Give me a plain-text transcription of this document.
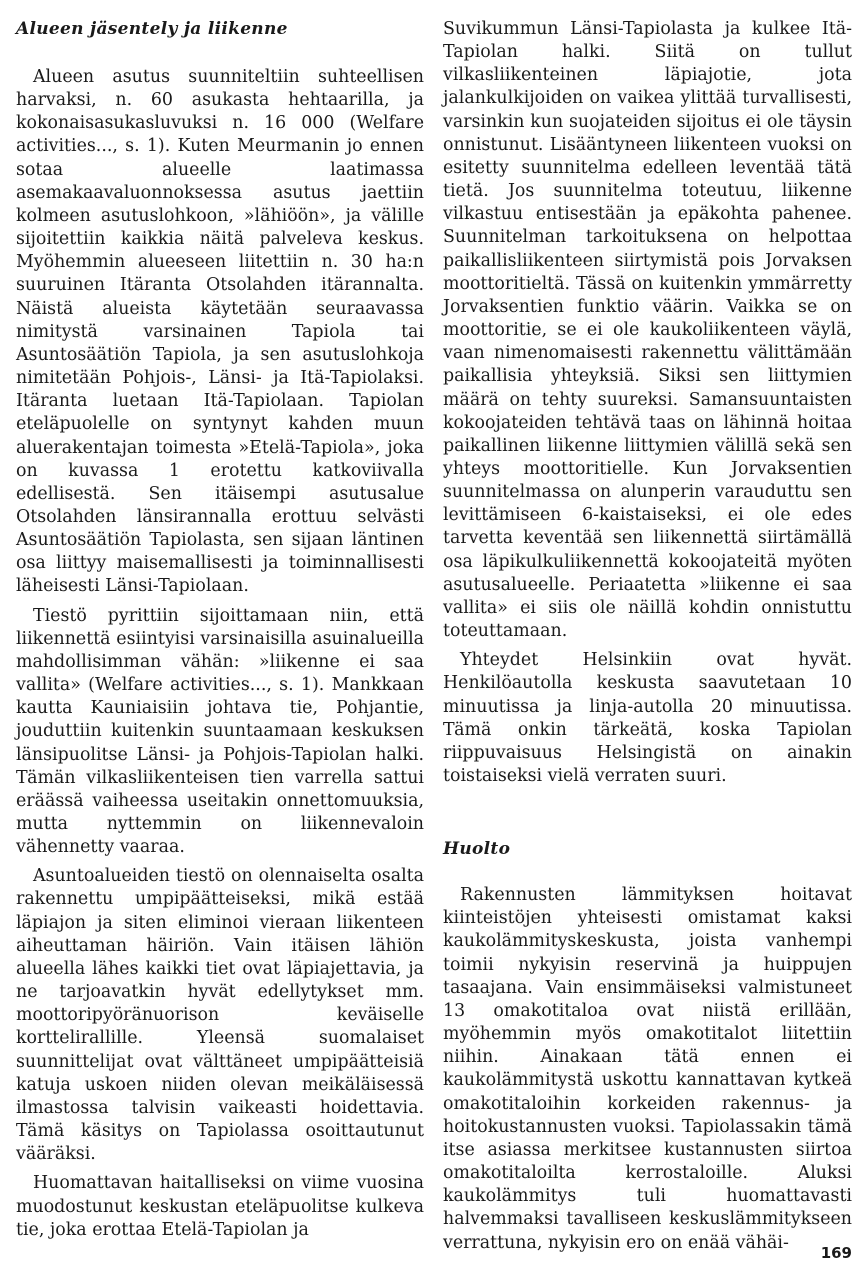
Alueen jäsentely ja liikenne

Alueen asutus suunniteltiin suhteellisen harvaksi, n. 60 asukasta hehtaarilla, ja kokonaisasukasluvuksi n. 16 000 (Welfare activities..., s. 1). Kuten Meurmanin jo ennen sotaa alueelle laatimassa asemakaavaluonnoksessa asutus jaettiin kolmeen asutuslohkoon, »lähiöön», ja välille sijoitettiin kaikkia näitä palveleva keskus. Myöhemmin alueeseen liitettiin n. 30 ha:n suuruinen Itäranta Otsolahden itärannalta. Näistä alueista käytetään seuraavassa nimitystä varsinainen Tapiola tai Asuntosäätiön Tapiola, ja sen asutuslohkoja nimitetään Pohjois-, Länsi- ja Itä-Tapiolaksi. Itäranta luetaan Itä-Tapiolaan. Tapiolan eteläpuolelle on syntynyt kahden muun aluerakentajan toimesta »Etelä-Tapiola», joka on kuvassa 1 erotettu katkoviivalla edellisestä. Sen itäisempi asutusalue Otsolahden länsirannalla erottuu selvästi Asuntosäätiön Tapiolasta, sen sijaan läntinen osa liittyy maisemallisesti ja toiminnallisesti läheisesti Länsi-Tapiolaan.

Tiestö pyrittiin sijoittamaan niin, että liikennettä esiintyisi varsinaisilla asuinalueilla mahdollisimman vähän: »liikenne ei saa vallita» (Welfare activities..., s. 1). Mankkaan kautta Kauniaisiin johtava tie, Pohjantie, jouduttiin kuitenkin suuntaamaan keskuksen länsipuolitse Länsi- ja Pohjois-Tapiolan halki. Tämän vilkasliikenteisen tien varrella sattui eräässä vaiheessa useitakin onnettomuuksia, mutta nyttemmin on liikennevaloin vähennetty vaaraa.

Asuntoalueiden tiestö on olennaiselta osalta rakennettu umpipäätteiseksi, mikä estää läpiajon ja siten eliminoi vieraan liikenteen aiheuttaman häiriön. Vain itäisen lähiön alueella lähes kaikki tiet ovat läpiajettavia, ja ne tarjoavatkin hyvät edellytykset mm. moottoripyöränuorison keväiselle korttelirallille. Yleensä suomalaiset suunnittelijat ovat välttäneet umpipäätteisiä katuja uskoen niiden olevan meikäläisessä ilmastossa talvisin vaikeasti hoidettavia. Tämä käsitys on Tapiolassa osoittautunut vääräksi.

Huomattavan haitalliseksi on viime vuosina muodostunut keskustan eteläpuolitse kulkeva tie, joka erottaa Etelä-Tapiolan ja

Suvikummun Länsi-Tapiolasta ja kulkee Itä-Tapiolan halki. Siitä on tullut vilkasliikenteinen läpiajotie, jota jalankulkijoiden on vaikea ylittää turvallisesti, varsinkin kun suojateiden sijoitus ei ole täysin onnistunut. Lisääntyneen liikenteen vuoksi on esitetty suunnitelma edelleen leventää tätä tietä. Jos suunnitelma toteutuu, liikenne vilkastuu entisestään ja epäkohta pahenee. Suunnitelman tarkoituksena on helpottaa paikallisliikenteen siirtymistä pois Jorvaksen moottoritieltä. Tässä on kuitenkin ymmärretty Jorvaksentien funktio väärin. Vaikka se on moottoritie, se ei ole kaukoliikenteen väylä, vaan nimenomaisesti rakennettu välittämään paikallisia yhteyksiä. Siksi sen liittymien määrä on tehty suureksi. Samansuuntaisten kokoojateiden tehtävä taas on lähinnä hoitaa paikallinen liikenne liittymien välillä sekä sen yhteys moottoritielle. Kun Jorvaksentien suunnitelmassa on alunperin varauduttu sen levittämiseen 6-kaistaiseksi, ei ole edes tarvetta keventää sen liikennettä siirtämällä osa läpikulkuliikennettä kokoojateitä myöten asutusalueelle. Periaatetta »liikenne ei saa vallita» ei siis ole näillä kohdin onnistuttu toteuttamaan.

Yhteydet Helsinkiin ovat hyvät. Henkilöautolla keskusta saavutetaan 10 minuutissa ja linja-autolla 20 minuutissa. Tämä onkin tärkeätä, koska Tapiolan riippuvaisuus Helsingistä on ainakin toistaiseksi vielä verraten suuri.

Huolto

Rakennusten lämmityksen hoitavat kiinteistöjen yhteisesti omistamat kaksi kaukolämmityskeskusta, joista vanhempi toimii nykyisin reservinä ja huippujen tasaajana. Vain ensimmäiseksi valmistuneet 13 omakotitaloa ovat niistä erillään, myöhemmin myös omakotitalot liitettiin niihin. Ainakaan tätä ennen ei kaukolämmitystä uskottu kannattavan kytkeä omakotitaloihin korkeiden rakennus- ja hoitokustannusten vuoksi. Tapiolassakin tämä itse asiassa merkitsee kustannusten siirtoa omakotitaloilta kerrostaloille. Aluksi kaukolämmitys tuli huomattavasti halvemmaksi tavalliseen keskuslämmitykseen verrattuna, nykyisin ero on enää vähäi-

169
